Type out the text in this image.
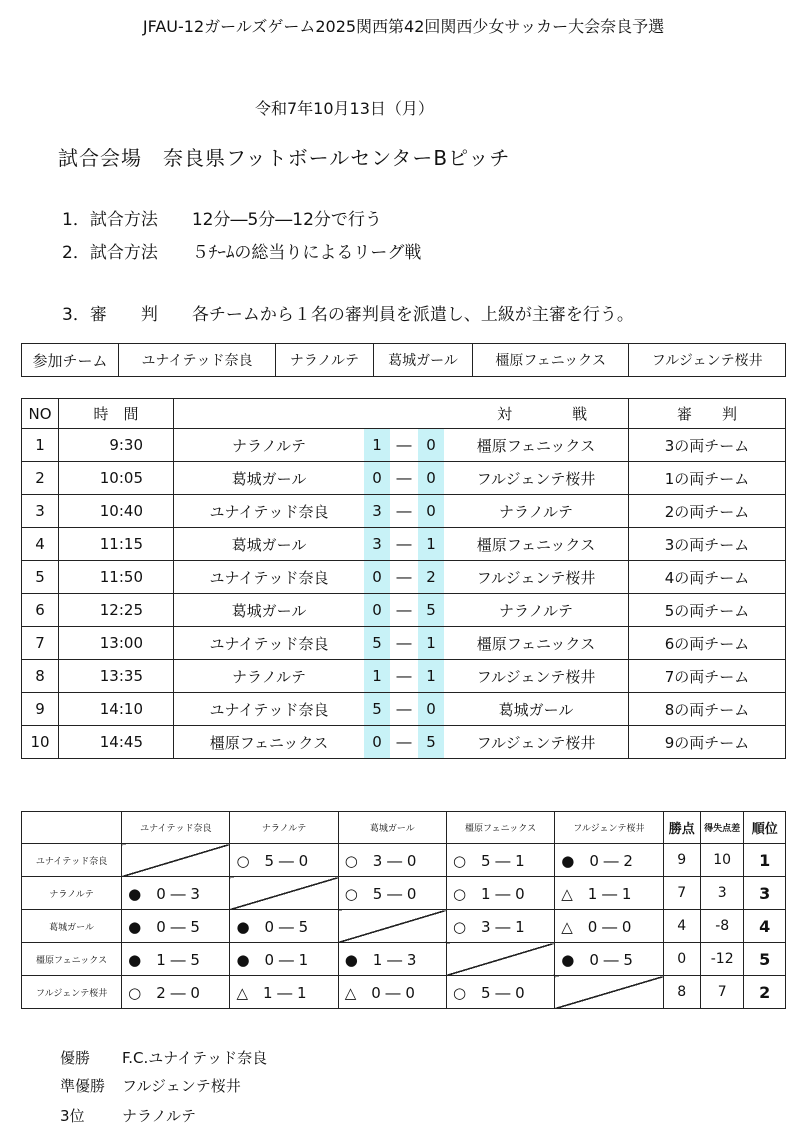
JFAU-12ガールズゲーム2025関西第42回関西少女サッカー大会奈良予選
令和7年10月13日（月）
試合会場　奈良県フットボールセンターBピッチ
1．試合方法　　12分―5分―12分で行う
2．試合方法　　５ﾁｰﾑの総当りによるリーグ戦
3．審　　判　　各チームから１名の審判員を派遣し、上級が主審を行う。
参加チーム	ユナイテッド奈良	ナラノルテ	葛城ガール	橿原フェニックス	フルジェンテ桜井
NO	時　間	対			戦	審　　判
1	9:30	ナラノルテ	1 ― 0	橿原フェニックス		3の両チーム
2	10:05	葛城ガール	0 ― 0	フルジェンテ桜井		1の両チーム
3	10:40	ユナイテッド奈良	3 ― 0	ナラノルテ		2の両チーム
4	11:15	葛城ガール	3 ― 1	橿原フェニックス		3の両チーム
5	11:50	ユナイテッド奈良	0 ― 2	フルジェンテ桜井		4の両チーム
6	12:25	葛城ガール	0 ― 5	ナラノルテ		5の両チーム
7	13:00	ユナイテッド奈良	5 ― 1	橿原フェニックス		6の両チーム
8	13:35	ナラノルテ	1 ― 1	フルジェンテ桜井		7の両チーム
9	14:10	ユナイテッド奈良	5 ― 0	葛城ガール		8の両チーム
10	14:45	橿原フェニックス	0 ― 5	フルジェンテ桜井		9の両チーム
	ユナイテッド奈良	ナラノルテ	葛城ガール	橿原フェニックス	フルジェンテ桜井	勝点	得失点差	順位
ユナイテッド奈良		○　5 ― 0	○　3 ― 0	○　5 ― 1	●　0 ― 2	9	10	1
ナラノルテ	●　0 ― 3		○　5 ― 0	○　1 ― 0	△　1 ― 1	7	3	3
葛城ガール	●　0 ― 5	●　0 ― 5		○　3 ― 1	△　0 ― 0	4	-8	4
橿原フェニックス	●　1 ― 5	●　0 ― 1	●　1 ― 3		●　0 ― 5	0	-12	5
フルジェンテ桜井	○　2 ― 0	△　1 ― 1	△　0 ― 0	○　5 ― 0		8	7	2
優勝 F.C.ユナイテッド奈良
準優勝 フルジェンテ桜井
3位 ナラノルテ
